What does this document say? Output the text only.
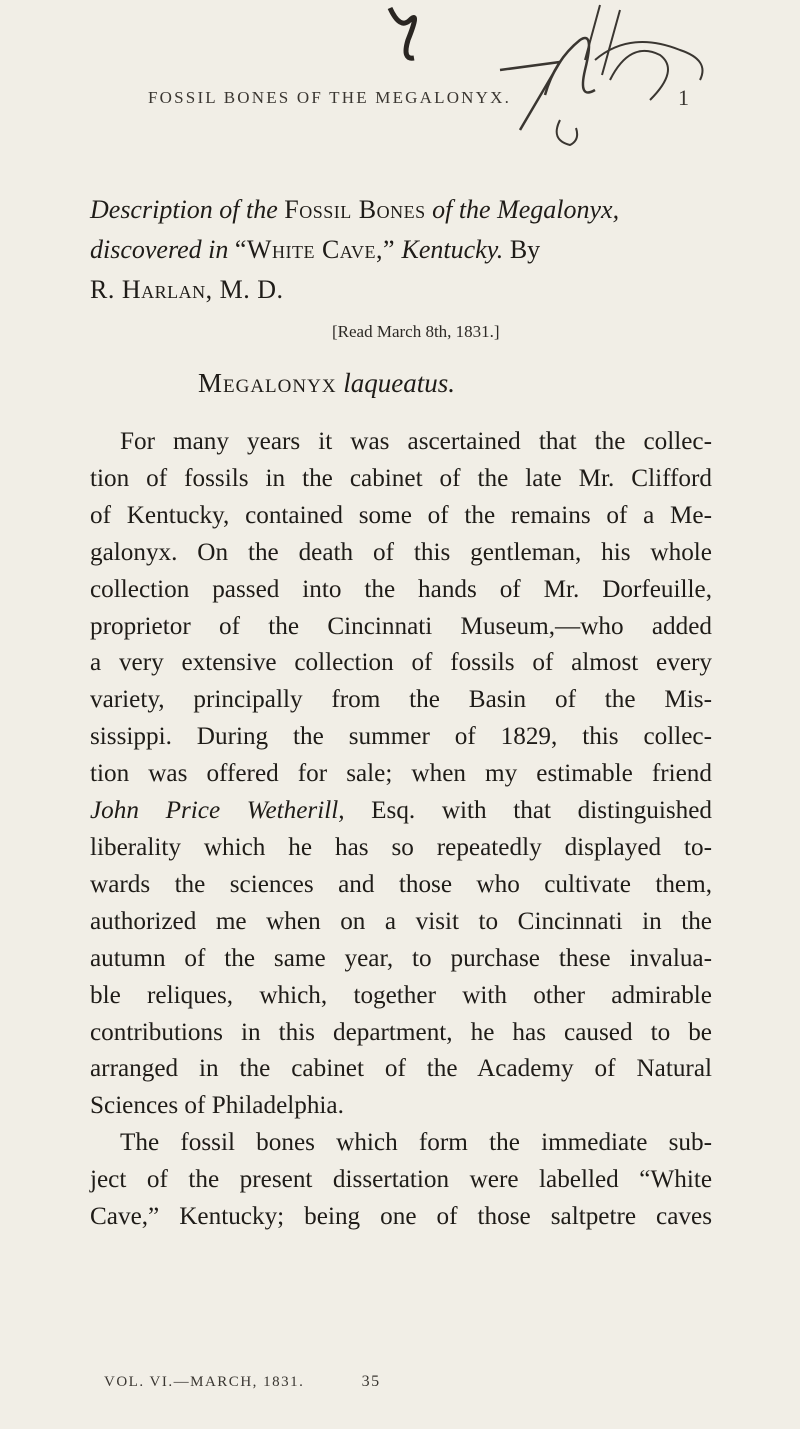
FOSSIL BONES OF THE MEGALONYX.	1
Description of the Fossil Bones of the Megalonyx,
discovered in “White Cave,” Kentucky. By
R. Harlan, M. D.
[Read March 8th, 1831.]
Megalonyx laqueatus.
For many years it was ascertained that the collec-
tion of fossils in the cabinet of the late Mr. Clifford
of Kentucky, contained some of the remains of a Me-
galonyx. On the death of this gentleman, his whole
collection passed into the hands of Mr. Dorfeuille,
proprietor of the Cincinnati Museum,—who added
a very extensive collection of fossils of almost every
variety, principally from the Basin of the Mis-
sissippi. During the summer of 1829, this collec-
tion was offered for sale; when my estimable friend
John Price Wetherill, Esq. with that distinguished
liberality which he has so repeatedly displayed to-
wards the sciences and those who cultivate them,
authorized me when on a visit to Cincinnati in the
autumn of the same year, to purchase these invalua-
ble reliques, which, together with other admirable
contributions in this department, he has caused to be
arranged in the cabinet of the Academy of Natural
Sciences of Philadelphia.
The fossil bones which form the immediate sub-
ject of the present dissertation were labelled “White
Cave,” Kentucky; being one of those saltpetre caves
VOL. VI.—MARCH, 1831.	35
